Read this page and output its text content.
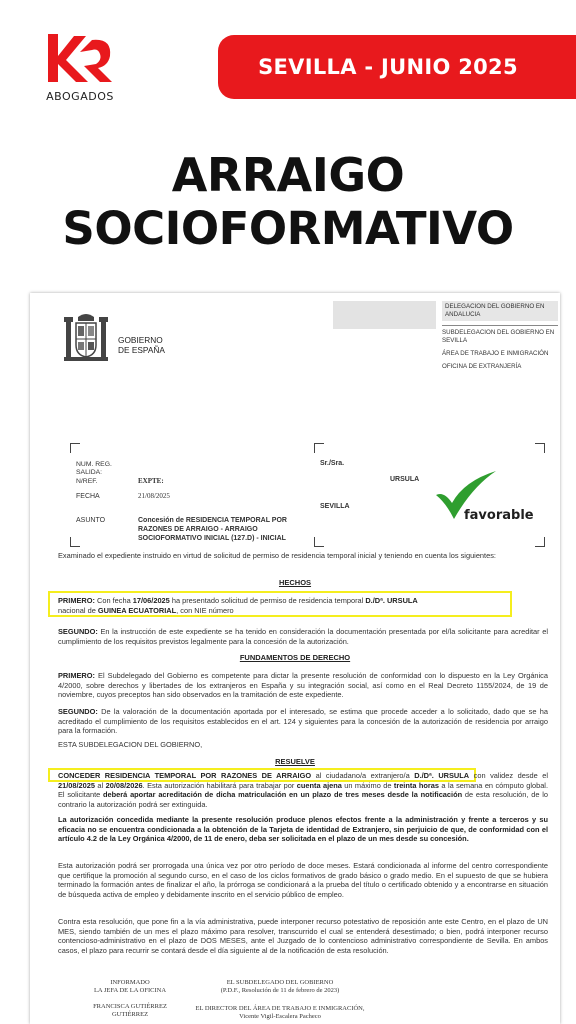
ABOGADOS
SEVILLA - JUNIO 2025
ARRAIGO
SOCIOFORMATIVO
GOBIERNO
DE ESPAÑA
DELEGACION DEL GOBIERNO EN ANDALUCIA
SUBDELEGACION DEL GOBIERNO EN SEVILLA
ÁREA DE TRABAJO E INMIGRACIÓN
OFICINA DE EXTRANJERÍA
NUM. REG.
SALIDA:
N/REF.	EXPTE:
FECHA	21/08/2025
ASUNTO	Concesión de RESIDENCIA TEMPORAL POR RAZONES DE ARRAIGO - ARRAIGO SOCIOFORMATIVO INICIAL (127.D) - INICIAL
Sr./Sra.
URSULA
SEVILLA
favorable
Examinado el expediente instruido en virtud de solicitud de permiso de residencia temporal inicial y teniendo en cuenta los siguientes:
HECHOS
PRIMERO: Con fecha 17/06/2025 ha presentado solicitud de permiso de residencia temporal D./Dª. URSULA
nacional de GUINEA ECUATORIAL, con NIE número
SEGUNDO: En la instrucción de este expediente se ha tenido en consideración la documentación presentada por el/la solicitante para acreditar el cumplimiento de los requisitos previstos legalmente para la concesión de la autorización.
FUNDAMENTOS DE DERECHO
PRIMERO: El Subdelegado del Gobierno es competente para dictar la presente resolución de conformidad con lo dispuesto en la Ley Orgánica 4/2000, sobre derechos y libertades de los extranjeros en España y su integración social, así como en el Real Decreto 1155/2024, de 19 de noviembre, cuyos preceptos han sido observados en la tramitación de este expediente.
SEGUNDO: De la valoración de la documentación aportada por el interesado, se estima que procede acceder a lo solicitado, dado que se ha acreditado el cumplimiento de los requisitos establecidos en el art. 124 y siguientes para la concesión de la autorización de residencia por arraigo para la formación.
ESTA SUBDELEGACION DEL GOBIERNO,
RESUELVE
CONCEDER RESIDENCIA TEMPORAL POR RAZONES DE ARRAIGO al ciudadano/a extranjero/a D./Dª. URSULA con validez desde el 21/08/2025 al 20/08/2026. Esta autorización habilitará para trabajar por cuenta ajena un máximo de treinta horas a la semana en cómputo global. El solicitante deberá aportar acreditación de dicha matriculación en un plazo de tres meses desde la notificación de esta resolución, de lo contrario la autorización podrá ser extinguida.
La autorización concedida mediante la presente resolución produce plenos efectos frente a la administración y frente a terceros y su eficacia no se encuentra condicionada a la obtención de la Tarjeta de identidad de Extranjero, sin perjuicio de que, de conformidad con el artículo 4.2 de la Ley Orgánica 4/2000, de 11 de enero, deba ser solicitada en el plazo de un mes desde su concesión.
Esta autorización podrá ser prorrogada una única vez por otro período de doce meses. Estará condicionada al informe del centro correspondiente que certifique la promoción al segundo curso, en el caso de los ciclos formativos de grado básico o grado medio. En el supuesto de que se hubiera terminado la formación antes de finalizar el año, la prórroga se condicionará a la prueba del título o certificado obtenido y a encontrarse en situación de búsqueda activa de empleo y debidamente inscrito en el servicio público de empleo.
Contra esta resolución, que pone fin a la vía administrativa, puede interponer recurso potestativo de reposición ante este Centro, en el plazo de UN MES, siendo también de un mes el plazo máximo para resolver, transcurrido el cual se entenderá desestimado; o bien, podrá interponer recurso contencioso-administrativo en el plazo de DOS MESES, ante el Juzgado de lo contencioso administrativo correspondiente de Sevilla. En ambos casos, el plazo para recurrir se contará desde el día siguiente al de la notificación de esta resolución.
INFORMADO
LA JEFA DE LA OFICINA
FRANCISCA GUTIÉRREZ
GUTIÉRREZ
EL SUBDELEGADO DEL GOBIERNO
(P.D.F., Resolución de 11 de febrero de 2023)
EL DIRECTOR DEL ÁREA DE TRABAJO E INMIGRACIÓN,
Vicente Vigil-Escalera Pacheco
